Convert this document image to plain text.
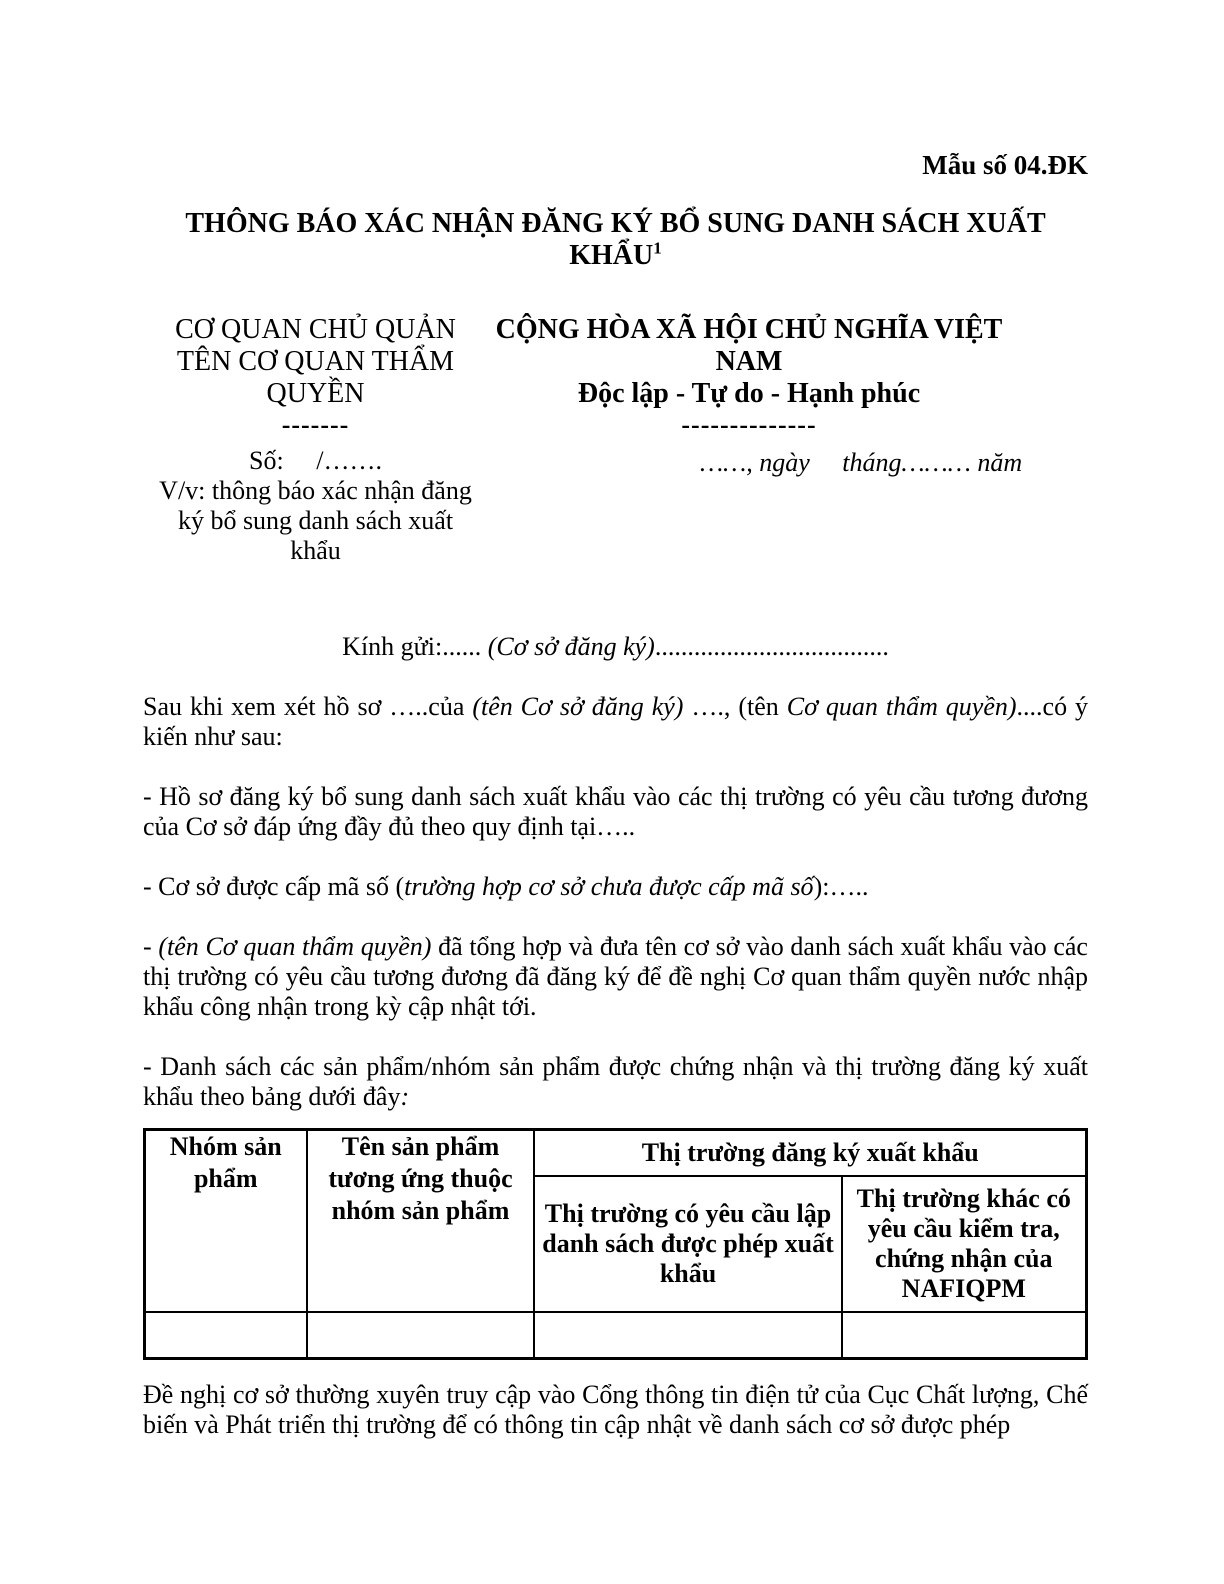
Mẫu số 04.ĐK
THÔNG BÁO XÁC NHẬN ĐĂNG KÝ BỔ SUNG DANH SÁCH XUẤT KHẨU$^1$
CƠ QUAN CHỦ QUẢN
TÊN CƠ QUAN THẨM QUYỀN
-------
Số:     /…….
V/v: thông báo xác nhận đăng ký bổ sung danh sách xuất khẩu
CỘNG HÒA XÃ HỘI CHỦ NGHĨA VIỆT NAM
Độc lập - Tự do - Hạnh phúc
--------------
……, ngày     tháng……… năm
Kính gửi:...... (Cơ sở đăng ký)....................................
Sau khi xem xét hồ sơ …..của (tên Cơ sở đăng ký) …., (tên Cơ quan thẩm quyền)....có ý kiến như sau:
- Hồ sơ đăng ký bổ sung danh sách xuất khẩu vào các thị trường có yêu cầu tương đương của Cơ sở đáp ứng đầy đủ theo quy định tại…..
- Cơ sở được cấp mã số (trường hợp cơ sở chưa được cấp mã số):…..
- (tên Cơ quan thẩm quyền) đã tổng hợp và đưa tên cơ sở vào danh sách xuất khẩu vào các thị trường có yêu cầu tương đương đã đăng ký để đề nghị Cơ quan thẩm quyền nước nhập khẩu công nhận trong kỳ cập nhật tới.
- Danh sách các sản phẩm/nhóm sản phẩm được chứng nhận và thị trường đăng ký xuất khẩu theo bảng dưới đây:
Nhóm sản phẩm	Tên sản phẩm tương ứng thuộc nhóm sản phẩm	Thị trường đăng ký xuất khẩu	
		Thị trường có yêu cầu lập danh sách được phép xuất khẩu	Thị trường khác có yêu cầu kiểm tra, chứng nhận của NAFIQPM

Đề nghị cơ sở thường xuyên truy cập vào Cổng thông tin điện tử của Cục Chất lượng, Chế biến và Phát triển thị trường để có thông tin cập nhật về danh sách cơ sở được phép
